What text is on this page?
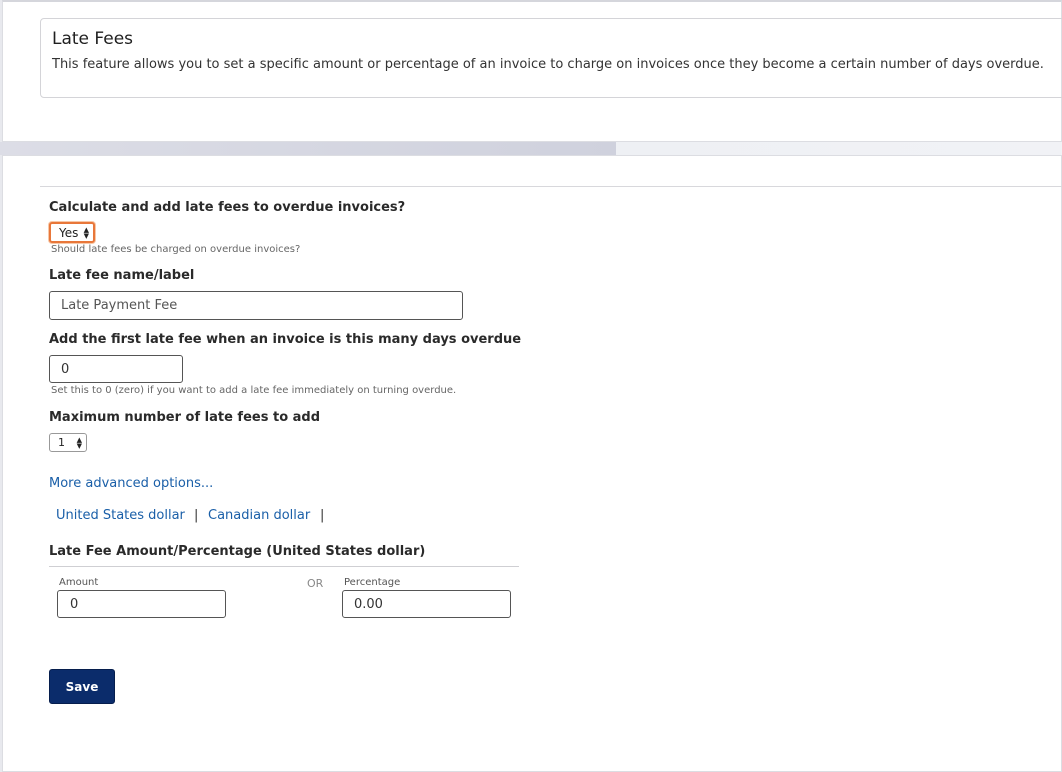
Late Fees
This feature allows you to set a specific amount or percentage of an invoice to charge on invoices once they become a certain number of days overdue.
Calculate and add late fees to overdue invoices?
Yes ▲
▼
Should late fees be charged on overdue invoices?
Late fee name/label
Late Payment Fee
Add the first late fee when an invoice is this many days overdue
0
Set this to 0 (zero) if you want to add a late fee immediately on turning overdue.
Maximum number of late fees to add
1 ▲
▼
More advanced options...
United States dollar | Canadian dollar |
Late Fee Amount/Percentage (United States dollar)
Amount
0
OR Percentage
0.00
Save
